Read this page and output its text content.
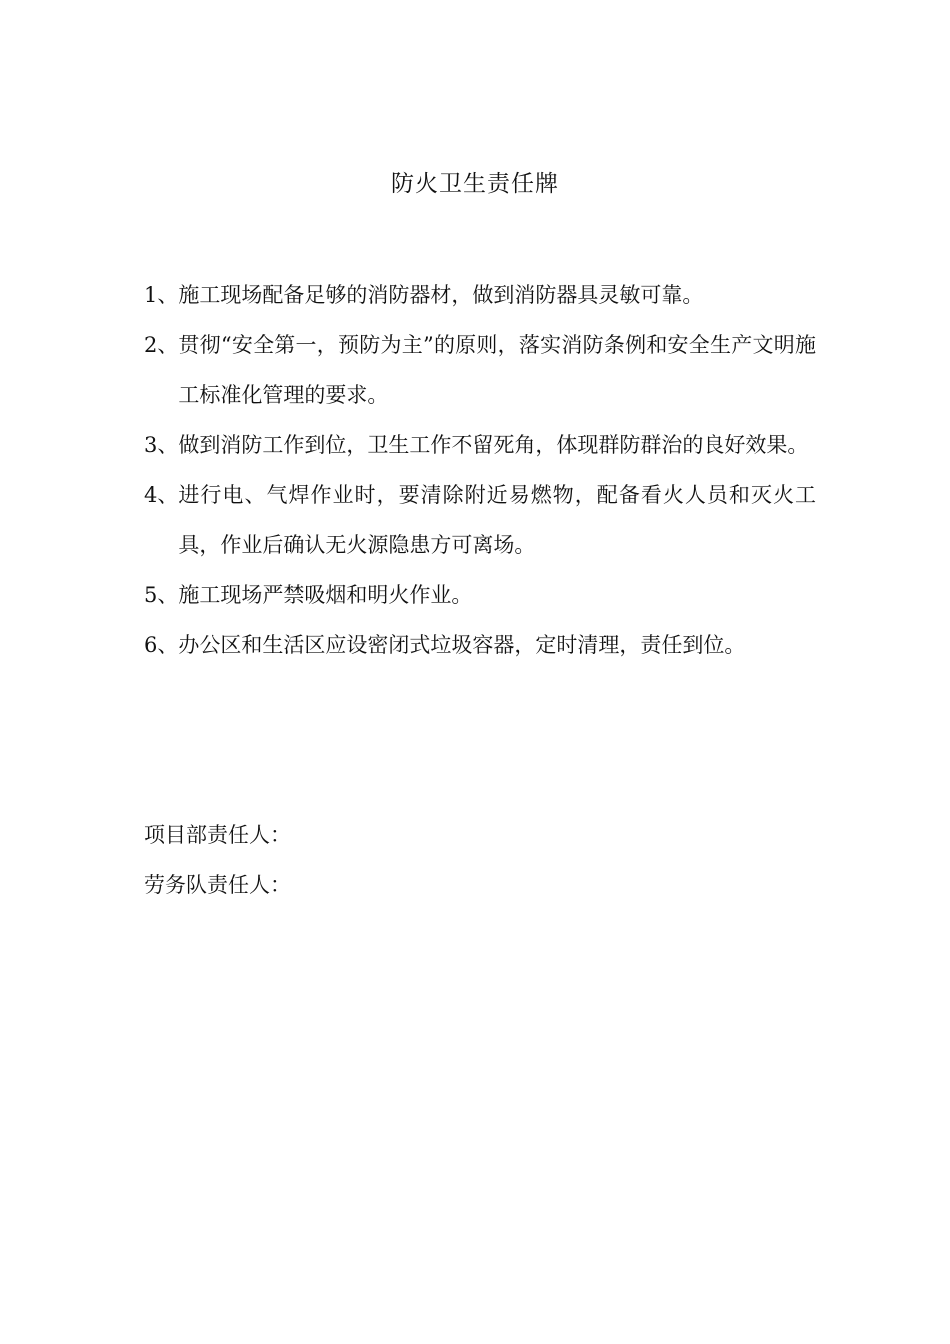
防火卫生责任牌
1、 施工现场配备足够的消防器材，做到消防器具灵敏可靠。
2、 贯彻“安全第一，预防为主”的原则，落实消防条例和安全生产文明施工标准化管理的要求。
3、 做到消防工作到位，卫生工作不留死角，体现群防群治的良好效果。
4、 进行电、气焊作业时，要清除附近易燃物，配备看火人员和灭火工具，作业后确认无火源隐患方可离场。
5、 施工现场严禁吸烟和明火作业。
6、 办公区和生活区应设密闭式垃圾容器，定时清理，责任到位。
项目部责任人：
劳务队责任人：
